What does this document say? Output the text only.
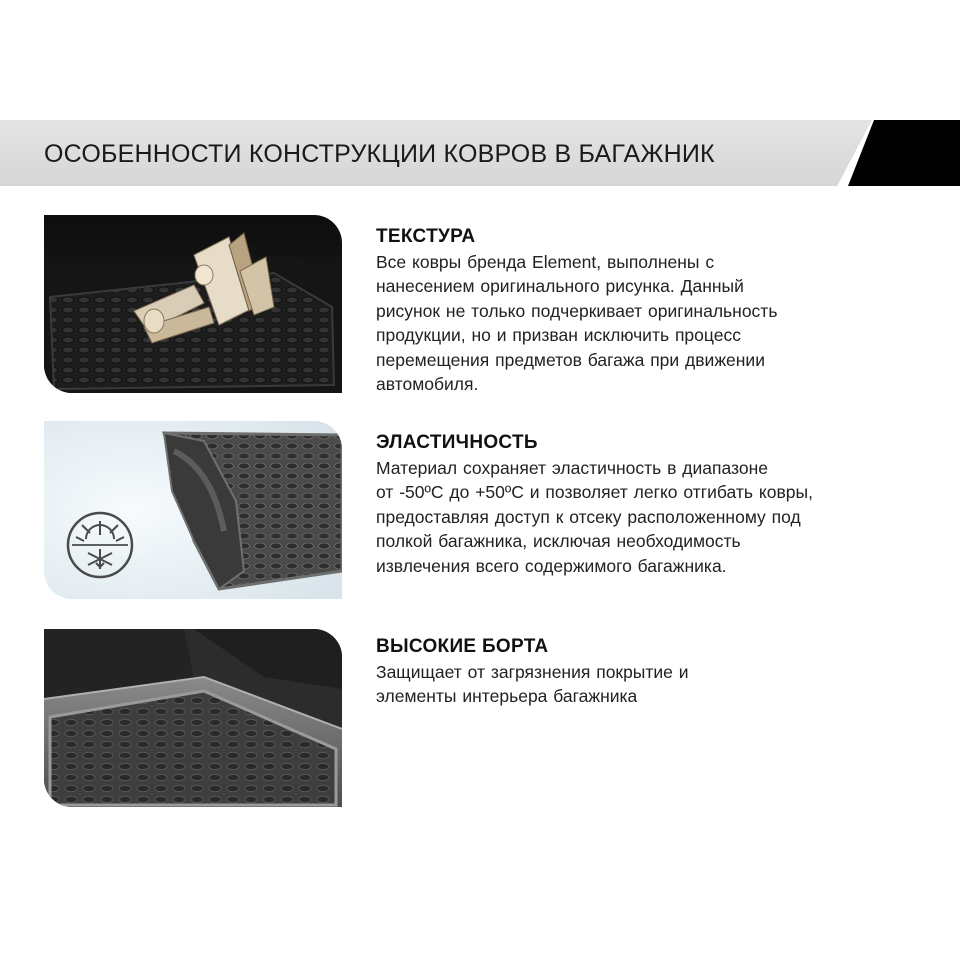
ОСОБЕННОСТИ КОНСТРУКЦИИ КОВРОВ В БАГАЖНИК
ТЕКСТУРА

Все ковры бренда Element, выполнены с
нанесением оригинального рисунка. Данный
рисунок не только подчеркивает оригинальность
продукции, но и призван исключить процесс
перемещения предметов багажа при движении
автомобиля.

ЭЛАСТИЧНОСТЬ

Материал сохраняет эластичность в диапазоне
от -50ºС до +50ºС и позволяет легко отгибать ковры,
предоставляя доступ к отсеку расположенному под
полкой багажника, исключая необходимость
извлечения всего содержимого багажника.

ВЫСОКИЕ БОРТА

Защищает от загрязнения покрытие и
элементы интерьера багажника
